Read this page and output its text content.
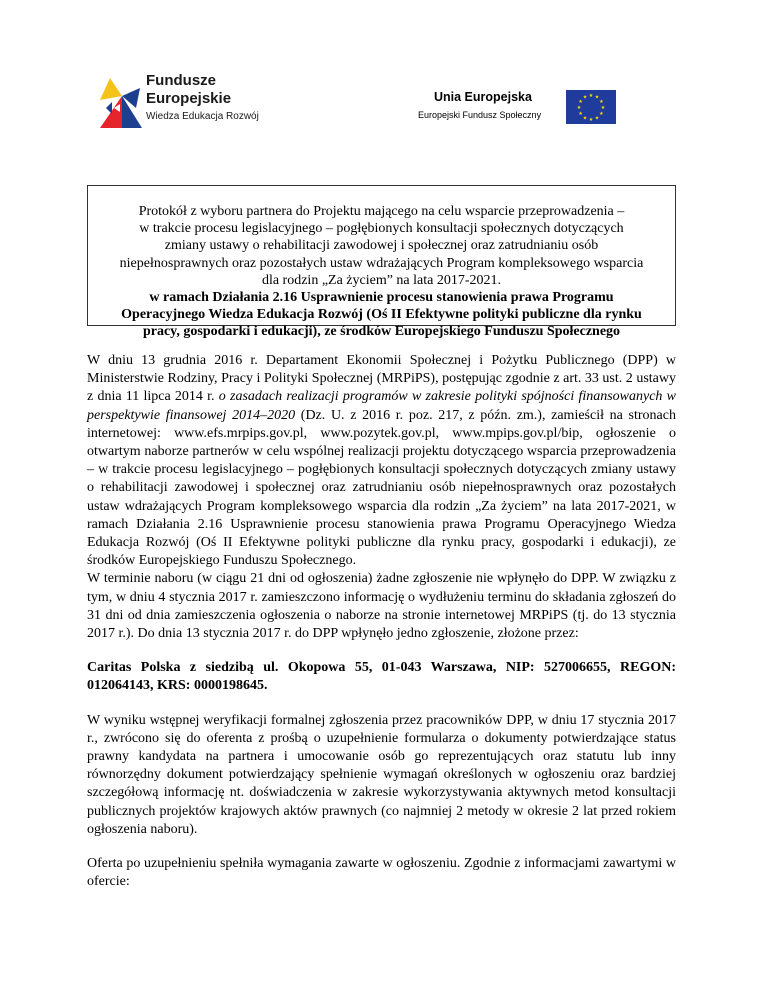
Fundusze
Europejskie
Wiedza Edukacja Rozwój
Unia Europejska
Europejski Fundusz Społeczny
★ ★
★
★
★
★
★
★
★
★
★
★
Protokół z wyboru partnera do Projektu mającego na celu wsparcie przeprowadzenia –
w trakcie procesu legislacyjnego – pogłębionych konsultacji społecznych dotyczących
zmiany ustawy o rehabilitacji zawodowej i społecznej oraz zatrudnianiu osób
niepełnosprawnych oraz pozostałych ustaw wdrażających Program kompleksowego wsparcia
dla rodzin „Za życiem” na lata 2017-2021.
w ramach Działania 2.16 Usprawnienie procesu stanowienia prawa Programu
Operacyjnego Wiedza Edukacja Rozwój (Oś II Efektywne polityki publiczne dla rynku
pracy, gospodarki i edukacji), ze środków Europejskiego Funduszu Społecznego

W dniu 13 grudnia 2016 r. Departament Ekonomii Społecznej i Pożytku Publicznego (DPP) w Ministerstwie Rodziny, Pracy i Polityki Społecznej (MRPiPS), postępując zgodnie z art. 33 ust. 2 ustawy z dnia 11 lipca 2014 r. o zasadach realizacji programów w zakresie polityki spójności finansowanych w perspektywie finansowej 2014–2020 (Dz. U. z 2016 r. poz. 217, z późn. zm.), zamieścił na stronach internetowej: www.efs.mrpips.gov.pl, www.pozytek.gov.pl, www.mpips.gov.pl/bip, ogłoszenie o otwartym naborze partnerów w celu wspólnej realizacji projektu dotyczącego wsparcia przeprowadzenia – w trakcie procesu legislacyjnego – pogłębionych konsultacji społecznych dotyczących zmiany ustawy o rehabilitacji zawodowej i społecznej oraz zatrudnianiu osób niepełnosprawnych oraz pozostałych ustaw wdrażających Program kompleksowego wsparcia dla rodzin „Za życiem” na lata 2017-2021, w ramach Działania 2.16 Usprawnienie procesu stanowienia prawa Programu Operacyjnego Wiedza Edukacja Rozwój (Oś II Efektywne polityki publiczne dla rynku pracy, gospodarki i edukacji), ze środków Europejskiego Funduszu Społecznego.

W terminie naboru (w ciągu 21 dni od ogłoszenia) żadne zgłoszenie nie wpłynęło do DPP. W związku z tym, w dniu 4 stycznia 2017 r. zamieszczono informację o wydłużeniu terminu do składania zgłoszeń do 31 dni od dnia zamieszczenia ogłoszenia o naborze na stronie internetowej MRPiPS (tj. do 13 stycznia 2017 r.). Do dnia 13 stycznia 2017 r. do DPP wpłynęło jedno zgłoszenie, złożone przez:

Caritas Polska z siedzibą ul. Okopowa 55, 01-043 Warszawa, NIP: 527006655, REGON: 012064143, KRS: 0000198645.

W wyniku wstępnej weryfikacji formalnej zgłoszenia przez pracowników DPP, w dniu 17 stycznia 2017 r., zwrócono się do oferenta z prośbą o uzupełnienie formularza o dokumenty potwierdzające status prawny kandydata na partnera i umocowanie osób go reprezentujących oraz statutu lub inny równorzędny dokument potwierdzający spełnienie wymagań określonych w ogłoszeniu oraz bardziej szczegółową informację nt. doświadczenia w zakresie wykorzystywania aktywnych metod konsultacji publicznych projektów krajowych aktów prawnych (co najmniej 2 metody w okresie 2 lat przed rokiem ogłoszenia naboru).

Oferta po uzupełnieniu spełniła wymagania zawarte w ogłoszeniu. Zgodnie z informacjami zawartymi w ofercie:
